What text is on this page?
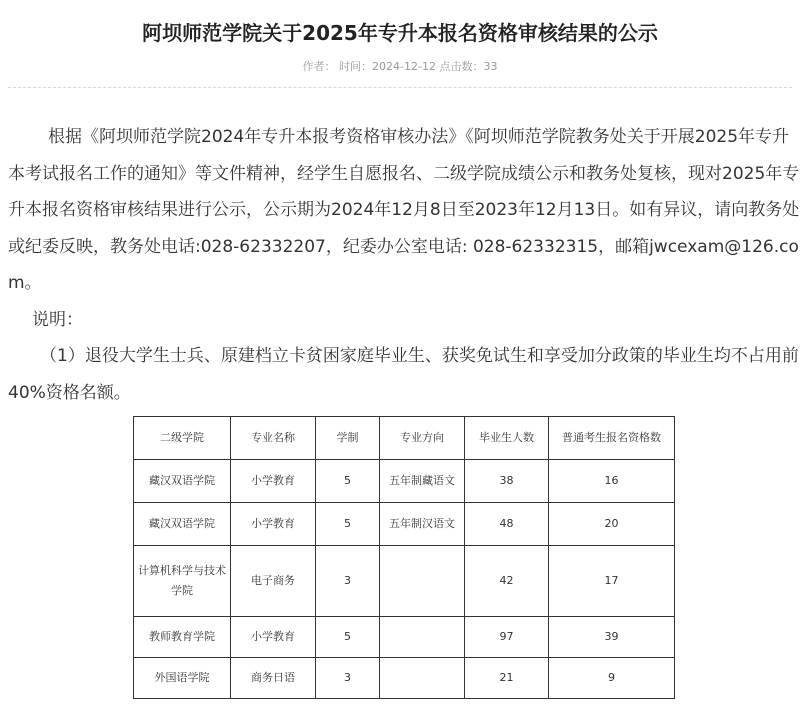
阿坝师范学院关于2025年专升本报名资格审核结果的公示
作者： 时间：2024-12-12 点击数：33

根据《阿坝师范学院2024年专升本报考资格审核办法》《阿坝师范学院教务处关于开展2025年专升本考试报名工作的通知》等文件精神，经学生自愿报名、二级学院成绩公示和教务处复核，现对2025年专升本报名资格审核结果进行公示，公示期为2024年12月8日至2023年12月13日。如有异议，请向教务处或纪委反映，教务处电话:028-62332207，纪委办公室电话: 028-62332315，邮箱jwcexam@126.com。

说明：

（1）退役大学生士兵、原建档立卡贫困家庭毕业生、获奖免试生和享受加分政策的毕业生均不占用前40%资格名额。

二级学院	专业名称	学制	专业方向	毕业生人数	普通考生报名资格数
藏汉双语学院	小学教育	5	五年制藏语文	38	16
藏汉双语学院	小学教育	5	五年制汉语文	48	20
计算机科学与技术学院	电子商务	3		42	17
教师教育学院	小学教育	5		97	39
外国语学院	商务日语	3		21	9
